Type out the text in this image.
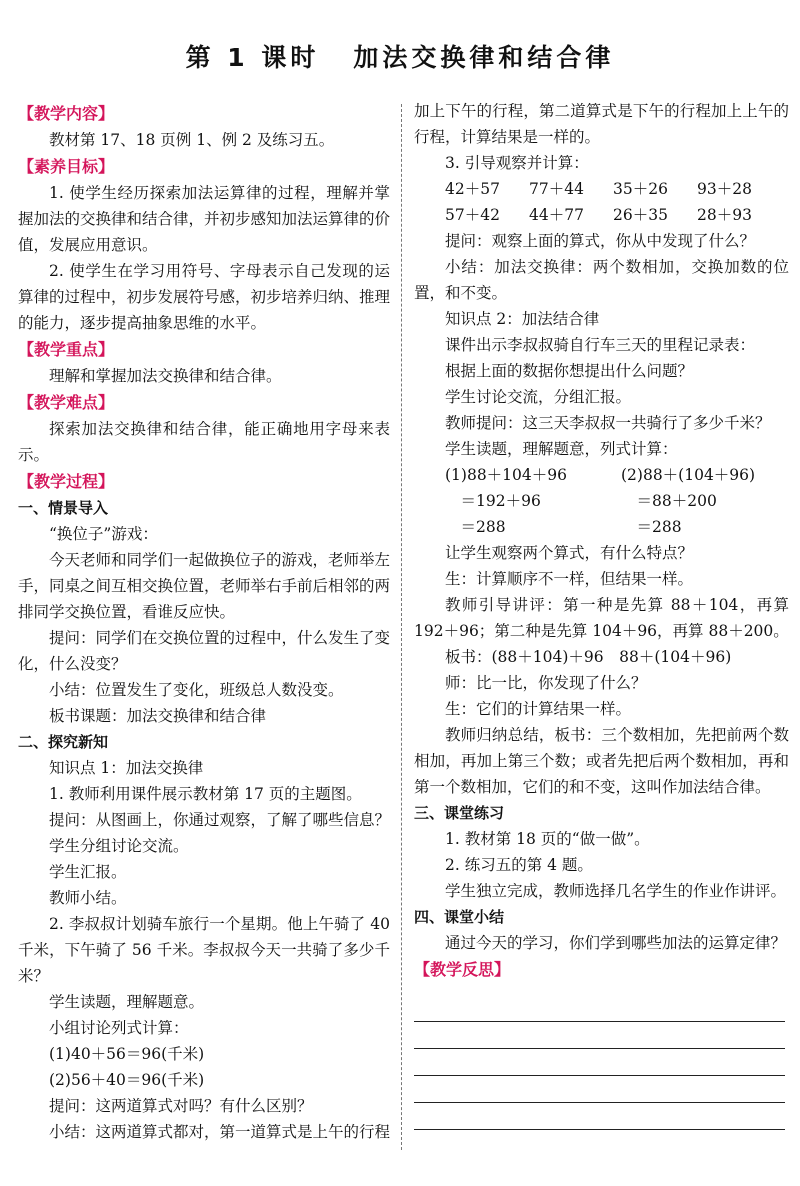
第 1 课时 加法交换律和结合律

【教学内容】

教材第 17、18 页例 1、例 2 及练习五。

【素养目标】

1. 使学生经历探索加法运算律的过程，理解并掌握加法的交换律和结合律，并初步感知加法运算律的价值，发展应用意识。

2. 使学生在学习用符号、字母表示自己发现的运算律的过程中，初步发展符号感，初步培养归纳、推理的能力，逐步提高抽象思维的水平。

【教学重点】

理解和掌握加法交换律和结合律。

【教学难点】

探索加法交换律和结合律，能正确地用字母来表示。

【教学过程】

一、情景导入

“换位子”游戏：

今天老师和同学们一起做换位子的游戏，老师举左手，同桌之间互相交换位置，老师举右手前后相邻的两排同学交换位置，看谁反应快。

提问：同学们在交换位置的过程中，什么发生了变化，什么没变？

小结：位置发生了变化，班级总人数没变。

板书课题：加法交换律和结合律

二、探究新知

知识点 1：加法交换律

1. 教师利用课件展示教材第 17 页的主题图。

提问：从图画上，你通过观察，了解了哪些信息？

学生分组讨论交流。

学生汇报。

教师小结。

2. 李叔叔计划骑车旅行一个星期。他上午骑了 40 千米，下午骑了 56 千米。李叔叔今天一共骑了多少千米？

学生读题，理解题意。

小组讨论列式计算：

(1)40＋56＝96(千米)

(2)56＋40＝96(千米)

提问：这两道算式对吗？有什么区别？

小结：这两道算式都对，第一道算式是上午的行程

加上下午的行程，第二道算式是下午的行程加上上午的行程，计算结果是一样的。

3. 引导观察并计算：

42＋57	77＋44	35＋26	93＋28
57＋42	44＋77	26＋35	28＋93

提问：观察上面的算式，你从中发现了什么？

小结：加法交换律：两个数相加，交换加数的位置，和不变。

知识点 2：加法结合律

课件出示李叔叔骑自行车三天的里程记录表：

根据上面的数据你想提出什么问题？

学生讨论交流，分组汇报。

教师提问：这三天李叔叔一共骑行了多少千米？

学生读题，理解题意，列式计算：

(1)88＋104＋96	(2)88＋(104＋96)
　＝192＋96	　＝88＋200
　＝288	　＝288

让学生观察两个算式，有什么特点？

生：计算顺序不一样，但结果一样。

教师引导讲评：第一种是先算 88＋104，再算 192＋96；第二种是先算 104＋96，再算 88＋200。

板书：(88＋104)＋96　88＋(104＋96)

师：比一比，你发现了什么？

生：它们的计算结果一样。

教师归纳总结，板书：三个数相加，先把前两个数相加，再加上第三个数；或者先把后两个数相加，再和第一个数相加，它们的和不变，这叫作加法结合律。

三、课堂练习

1. 教材第 18 页的“做一做”。

2. 练习五的第 4 题。

学生独立完成，教师选择几名学生的作业作讲评。

四、课堂小结

通过今天的学习，你们学到哪些加法的运算定律？

【教学反思】

11
